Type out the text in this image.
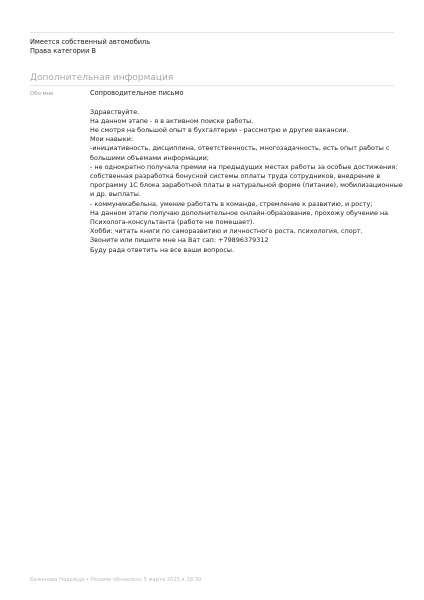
Имеется собственный автомобиль
Права категории B
Дополнительная информация
Обо мне	Сопроводительное письмо
Здравствуйте.
На данном этапе - я в активном поиске работы.
Не смотря на большой опыт в бухгалтерии - рассмотрю и другие вакансии.
Мои навыки:
-инициативность, дисциплина, ответственность, многозадачность, есть опыт работы с
большими объемами информации;
- не однократно получала премии на предыдущих местах работы за особые достижения:
собственная разработка бонусной системы оплаты труда сотрудников, внедрение в
программу 1С блока заработной платы в натуральной форме (питание), мобилизационные
и др. выплаты.
- коммуникабельна, умение работать в команде, стремление к развитию, и росту;
На данном этапе получаю дополнительное онлайн-образование, прохожу обучение на
Психолога-консультанта (работе не помешает).
Хобби: читать книги по саморазвитию и личностного роста, психология, спорт.
Звоните или пишите мне на Ват сап: +79896379312
Буду рада ответить на все ваши вопросы.
Баженова Надежда • Резюме обновлено 5 марта 2025 в 18:39
